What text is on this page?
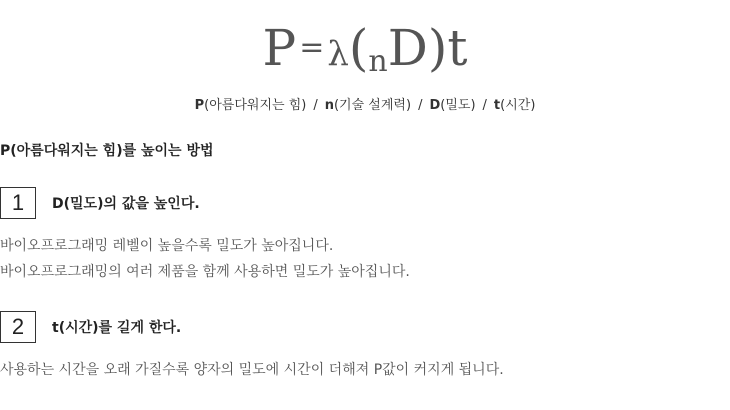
P =λ(nD)t
P(아름다워지는 힘) / n(기술 설계력) / D(밀도) / t(시간)
P(아름다워지는 힘)를 높이는 방법
1	D(밀도)의 값을 높인다.
바이오프로그래밍 레벨이 높을수록 밀도가 높아집니다.
바이오프로그래밍의 여러 제품을 함께 사용하면 밀도가 높아집니다.
2	t(시간)를 길게 한다.
사용하는 시간을 오래 가질수록 양자의 밀도에 시간이 더해져 P값이 커지게 됩니다.
